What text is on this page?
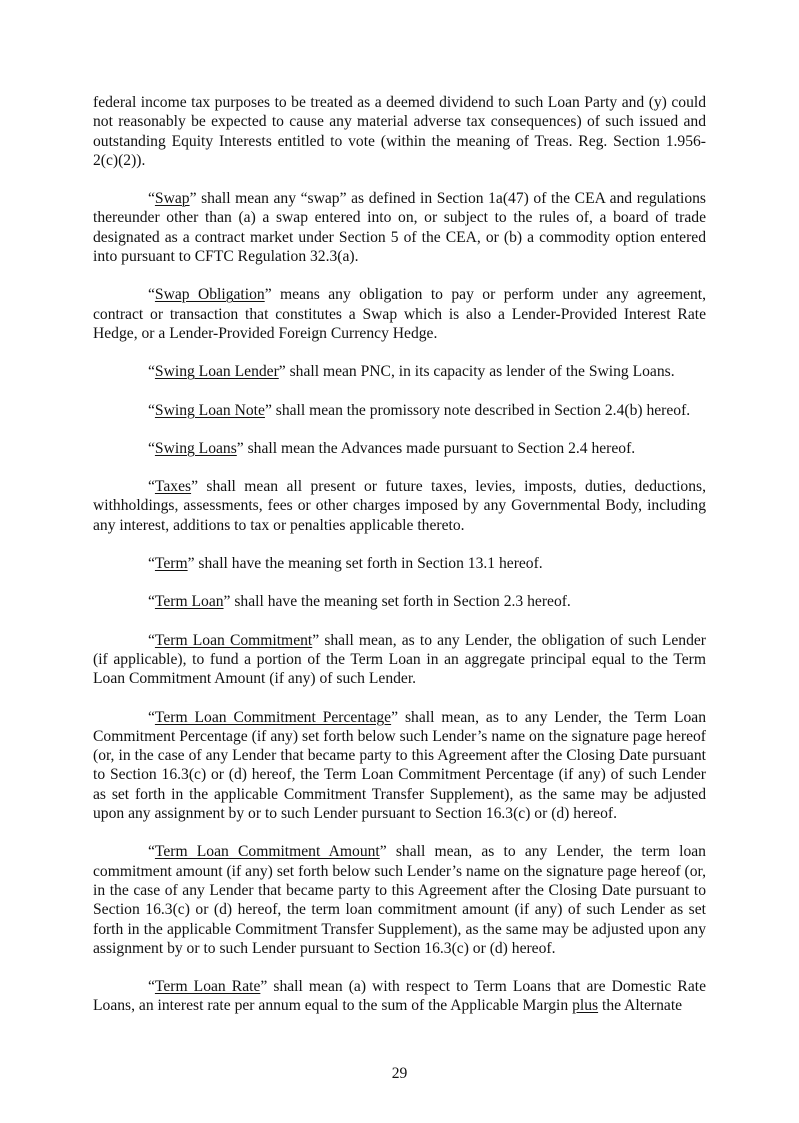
federal income tax purposes to be treated as a deemed dividend to such Loan Party and (y) could not reasonably be expected to cause any material adverse tax consequences) of such issued and outstanding Equity Interests entitled to vote (within the meaning of Treas. Reg. Section 1.956-2(c)(2)).

“Swap” shall mean any “swap” as defined in Section 1a(47) of the CEA and regulations thereunder other than (a) a swap entered into on, or subject to the rules of, a board of trade designated as a contract market under Section 5 of the CEA, or (b) a commodity option entered into pursuant to CFTC Regulation 32.3(a).

“Swap Obligation” means any obligation to pay or perform under any agreement, contract or transaction that constitutes a Swap which is also a Lender-Provided Interest Rate Hedge, or a Lender-Provided Foreign Currency Hedge.

“Swing Loan Lender” shall mean PNC, in its capacity as lender of the Swing Loans.

“Swing Loan Note” shall mean the promissory note described in Section 2.4(b) hereof.

“Swing Loans” shall mean the Advances made pursuant to Section 2.4 hereof.

“Taxes” shall mean all present or future taxes, levies, imposts, duties, deductions, withholdings, assessments, fees or other charges imposed by any Governmental Body, including any interest, additions to tax or penalties applicable thereto.

“Term” shall have the meaning set forth in Section 13.1 hereof.

“Term Loan” shall have the meaning set forth in Section 2.3 hereof.

“Term Loan Commitment” shall mean, as to any Lender, the obligation of such Lender (if applicable), to fund a portion of the Term Loan in an aggregate principal equal to the Term Loan Commitment Amount (if any) of such Lender.

“Term Loan Commitment Percentage” shall mean, as to any Lender, the Term Loan Commitment Percentage (if any) set forth below such Lender’s name on the signature page hereof (or, in the case of any Lender that became party to this Agreement after the Closing Date pursuant to Section 16.3(c) or (d) hereof, the Term Loan Commitment Percentage (if any) of such Lender as set forth in the applicable Commitment Transfer Supplement), as the same may be adjusted upon any assignment by or to such Lender pursuant to Section 16.3(c) or (d) hereof.

“Term Loan Commitment Amount” shall mean, as to any Lender, the term loan commitment amount (if any) set forth below such Lender’s name on the signature page hereof (or, in the case of any Lender that became party to this Agreement after the Closing Date pursuant to Section 16.3(c) or (d) hereof, the term loan commitment amount (if any) of such Lender as set forth in the applicable Commitment Transfer Supplement), as the same may be adjusted upon any assignment by or to such Lender pursuant to Section 16.3(c) or (d) hereof.

“Term Loan Rate” shall mean (a) with respect to Term Loans that are Domestic Rate Loans, an interest rate per annum equal to the sum of the Applicable Margin plus the Alternate

29
